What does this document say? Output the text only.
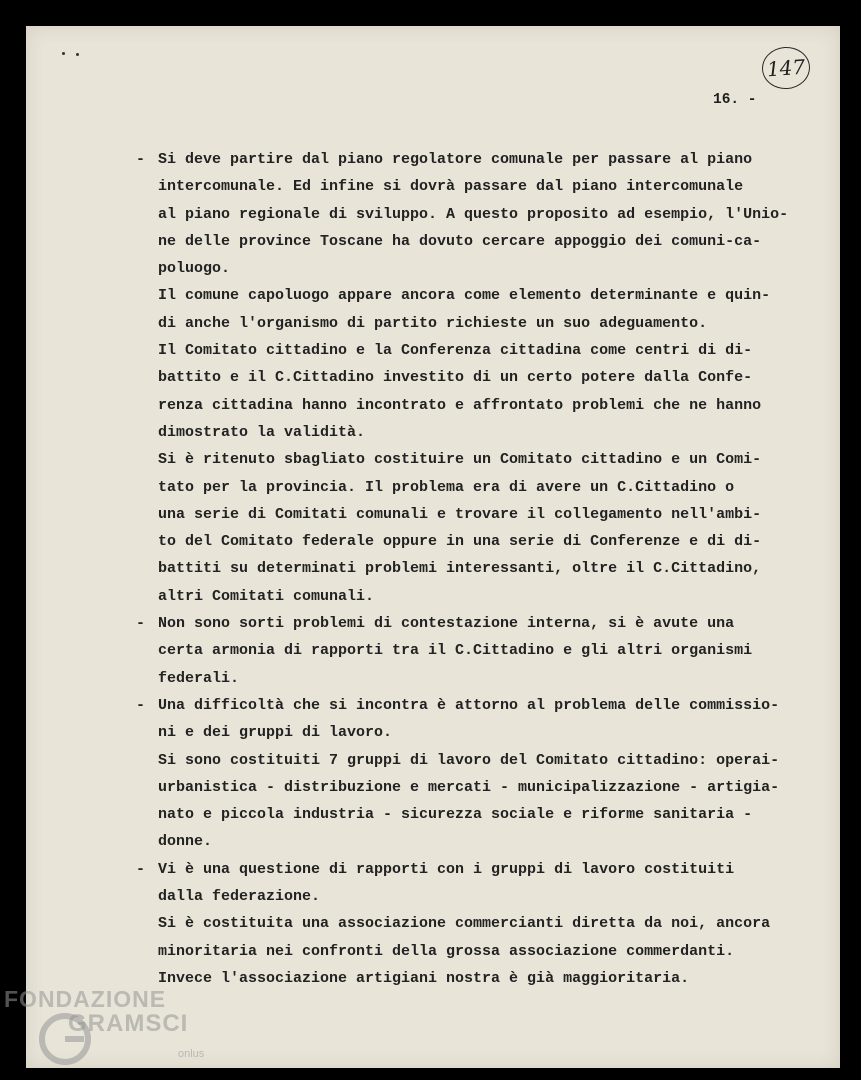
147
16. -
- Si deve partire dal piano regolatore comunale per passare al piano
intercomunale. Ed infine si dovrà passare dal piano intercomunale
al piano regionale di sviluppo. A questo proposito ad esempio, l'Unio-
ne delle province Toscane ha dovuto cercare appoggio dei comuni-ca-
poluogo.
Il comune capoluogo appare ancora come elemento determinante e quin-
di anche l'organismo di partito richieste un suo adeguamento.
Il Comitato cittadino e la Conferenza cittadina come centri di di-
battito e il C.Cittadino investito di un certo potere dalla Confe-
renza cittadina hanno incontrato e affrontato problemi che ne hanno
dimostrato la validità.
Si è ritenuto sbagliato costituire un Comitato cittadino e un Comi-
tato per la provincia. Il problema era di avere un C.Cittadino o
una serie di Comitati comunali e trovare il collegamento nell'ambi-
to del Comitato federale oppure in una serie di Conferenze e di di-
battiti su determinati problemi interessanti, oltre il C.Cittadino,
altri Comitati comunali.
- Non sono sorti problemi di contestazione interna, si è avute una
certa armonia di rapporti tra il C.Cittadino e gli altri organismi
federali.
- Una difficoltà che si incontra è attorno al problema delle commissio-
ni e dei gruppi di lavoro.
Si sono costituiti 7 gruppi di lavoro del Comitato cittadino: operai-
urbanistica - distribuzione e mercati - municipalizzazione - artigia-
nato e piccola industria - sicurezza sociale e riforme sanitaria -
donne.
- Vi è una questione di rapporti con i gruppi di lavoro costituiti
dalla federazione.
Si è costituita una associazione commercianti diretta da noi, ancora
minoritaria nei confronti della grossa associazione commerdanti.
Invece l'associazione artigiani nostra è già maggioritaria.
FONDAZIONE
GRAMSCI
onlus
